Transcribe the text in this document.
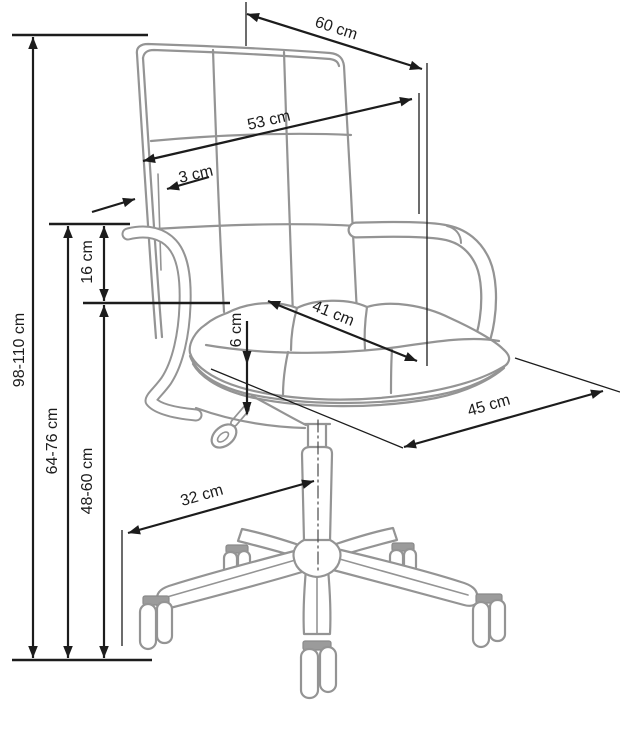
60 cm
53 cm
3 cm
41 cm
45 cm
32 cm
16 cm
6 cm
98-110 cm
64-76 cm
48-60 cm
